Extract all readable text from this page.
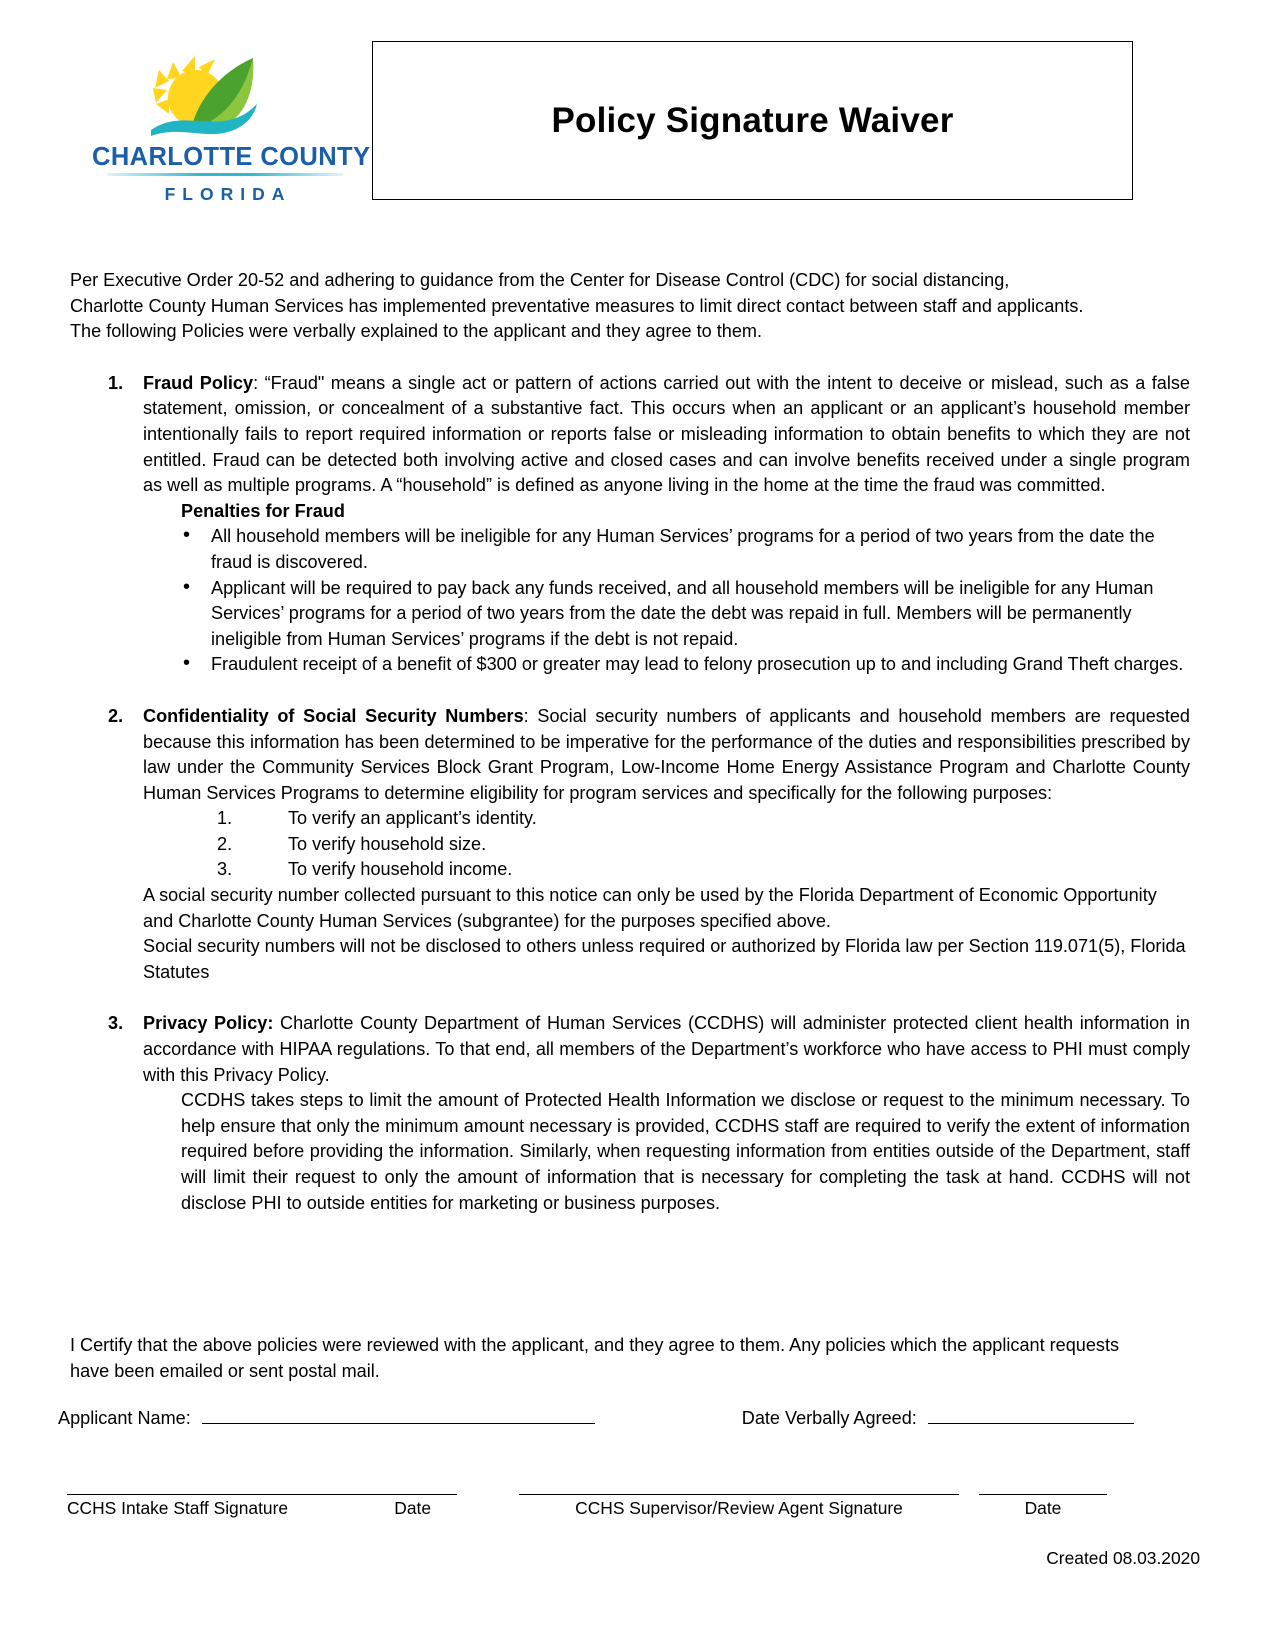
CHARLOTTE COUNTY
FLORIDA
Policy Signature Waiver

Per Executive Order 20-52 and adhering to guidance from the Center for Disease Control (CDC) for social distancing, Charlotte County Human Services has implemented preventative measures to limit direct contact between staff and applicants. The following Policies were verbally explained to the applicant and they agree to them.

1. Fraud Policy: “Fraud" means a single act or pattern of actions carried out with the intent to deceive or mislead, such as a false statement, omission, or concealment of a substantive fact. This occurs when an applicant or an applicant’s household member intentionally fails to report required information or reports false or misleading information to obtain benefits to which they are not entitled. Fraud can be detected both involving active and closed cases and can involve benefits received under a single program as well as multiple programs. A “household” is defined as anyone living in the home at the time the fraud was committed.

Penalties for Fraud

• All household members will be ineligible for any Human Services’ programs for a period of two years from the date the fraud is discovered.
• Applicant will be required to pay back any funds received, and all household members will be ineligible for any Human Services’ programs for a period of two years from the date the debt was repaid in full. Members will be permanently ineligible from Human Services’ programs if the debt is not repaid.
• Fraudulent receipt of a benefit of $300 or greater may lead to felony prosecution up to and including Grand Theft charges.
2. Confidentiality of Social Security Numbers: Social security numbers of applicants and household members are requested because this information has been determined to be imperative for the performance of the duties and responsibilities prescribed by law under the Community Services Block Grant Program, Low-Income Home Energy Assistance Program and Charlotte County Human Services Programs to determine eligibility for program services and specifically for the following purposes:

1.	To verify an applicant’s identity.
2.	To verify household size.
3.	To verify household income.

A social security number collected pursuant to this notice can only be used by the Florida Department of Economic Opportunity and Charlotte County Human Services (subgrantee) for the purposes specified above.

Social security numbers will not be disclosed to others unless required or authorized by Florida law per Section 119.071(5), Florida Statutes

3. Privacy Policy: Charlotte County Department of Human Services (CCDHS) will administer protected client health information in accordance with HIPAA regulations. To that end, all members of the Department’s workforce who have access to PHI must comply with this Privacy Policy.

CCDHS takes steps to limit the amount of Protected Health Information we disclose or request to the minimum necessary. To help ensure that only the minimum amount necessary is provided, CCDHS staff are required to verify the extent of information required before providing the information. Similarly, when requesting information from entities outside of the Department, staff will limit their request to only the amount of information that is necessary for completing the task at hand. CCDHS will not disclose PHI to outside entities for marketing or business purposes.

I Certify that the above policies were reviewed with the applicant, and they agree to them. Any policies which the applicant requests have been emailed or sent postal mail.

Applicant Name:	Date Verbally Agreed:
CCHS Intake Staff Signature	Date	CCHS Supervisor/Review Agent Signature	Date
Created 08.03.2020
